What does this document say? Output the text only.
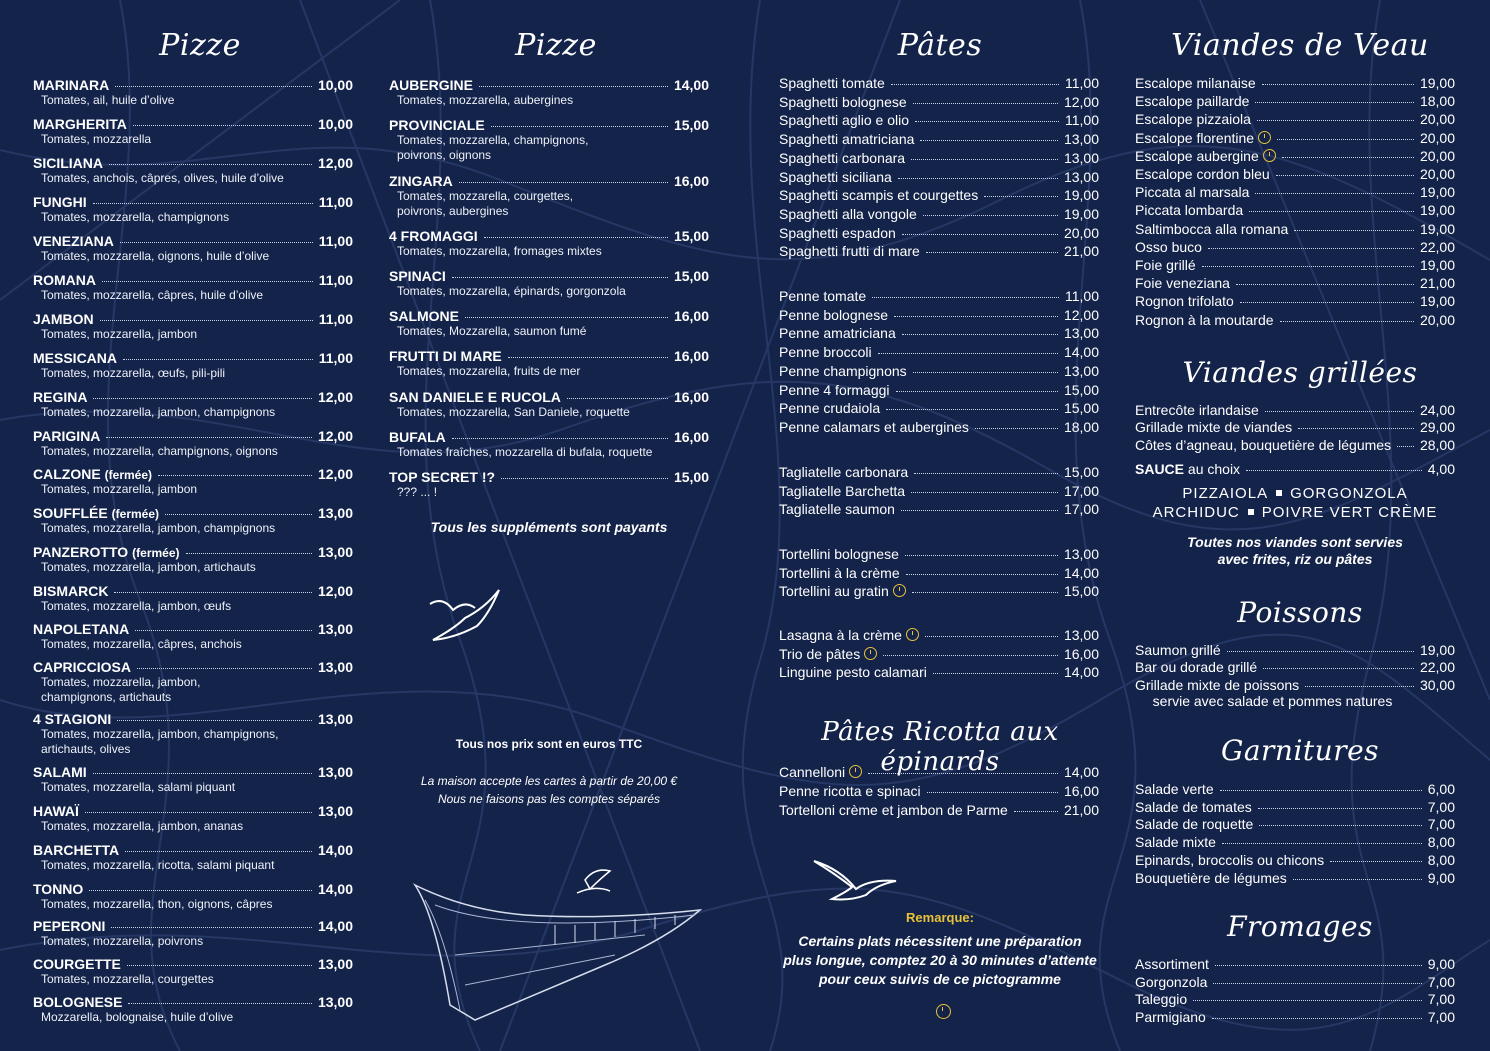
Pizze
MARINARA	10,00
Tomates, ail, huile d’olive
MARGHERITA	10,00
Tomates, mozzarella
SICILIANA	12,00
Tomates, anchois, câpres, olives, huile d’olive
FUNGHI	11,00
Tomates, mozzarella, champignons
VENEZIANA	11,00
Tomates, mozzarella, oignons, huile d’olive
ROMANA	11,00
Tomates, mozzarella, câpres, huile d’olive
JAMBON	11,00
Tomates, mozzarella, jambon
MESSICANA	11,00
Tomates, mozzarella, œufs, pili-pili
REGINA	12,00
Tomates, mozzarella, jambon, champignons
PARIGINA	12,00
Tomates, mozzarella, champignons, oignons
CALZONE (fermée)	12,00
Tomates, mozzarella, jambon
SOUFFLÉE (fermée)	13,00
Tomates, mozzarella, jambon, champignons
PANZEROTTO (fermée)	13,00
Tomates, mozzarella, jambon, artichauts
BISMARCK	12,00
Tomates, mozzarella, jambon, œufs
NAPOLETANA	13,00
Tomates, mozzarella, câpres, anchois
CAPRICCIOSA	13,00
Tomates, mozzarella, jambon,
champignons, artichauts
4 STAGIONI	13,00
Tomates, mozzarella, jambon, champignons,
artichauts, olives
SALAMI	13,00
Tomates, mozzarella, salami piquant
HAWAÏ	13,00
Tomates, mozzarella, jambon, ananas
BARCHETTA	14,00
Tomates, mozzarella, ricotta, salami piquant
TONNO	14,00
Tomates, mozzarella, thon, oignons, câpres
PEPERONI	14,00
Tomates, mozzarella, poivrons
COURGETTE	13,00
Tomates, mozzarella, courgettes
BOLOGNESE	13,00
Mozzarella, bolognaise, huile d’olive
Pizze
AUBERGINE	14,00
Tomates, mozzarella, aubergines
PROVINCIALE	15,00
Tomates, mozzarella, champignons,
poivrons, oignons
ZINGARA	16,00
Tomates, mozzarella, courgettes,
poivrons, aubergines
4 FROMAGGI	15,00
Tomates, mozzarella, fromages mixtes
SPINACI	15,00
Tomates, mozzarella, épinards, gorgonzola
SALMONE	16,00
Tomates, Mozzarella, saumon fumé
FRUTTI DI MARE	16,00
Tomates, mozzarella, fruits de mer
SAN DANIELE E RUCOLA	16,00
Tomates, mozzarella, San Daniele, roquette
BUFALA	16,00
Tomates fraîches, mozzarella di bufala, roquette
TOP SECRET !?	15,00
??? ... !
Tous les suppléments sont payants
Tous nos prix sont en euros TTC
La maison accepte les cartes à partir de 20,00 €
Nous ne faisons pas les comptes séparés
Pâtes
Spaghetti tomate	11,00
Spaghetti bolognese	12,00
Spaghetti aglio e olio	11,00
Spaghetti amatriciana	13,00
Spaghetti carbonara	13,00
Spaghetti siciliana	13,00
Spaghetti scampis et courgettes	19,00
Spaghetti alla vongole	19,00
Spaghetti espadon	20,00
Spaghetti frutti di mare	21,00
Penne tomate	11,00
Penne bolognese	12,00
Penne amatriciana	13,00
Penne broccoli	14,00
Penne champignons	13,00
Penne 4 formaggi	15,00
Penne crudaiola	15,00
Penne calamars et aubergines	18,00
Tagliatelle carbonara	15,00
Tagliatelle Barchetta	17,00
Tagliatelle saumon	17,00
Tortellini bolognese	13,00
Tortellini à la crème	14,00
Tortellini au gratin	15,00
Lasagna à la crème	13,00
Trio de pâtes	16,00
Linguine pesto calamari	14,00
Pâtes Ricotta aux épinards
Cannelloni	14,00
Penne ricotta e spinaci	16,00
Tortelloni crème et jambon de Parme	21,00
Remarque:
Certains plats nécessitent une préparation
plus longue, comptez 20 à 30 minutes d’attente
pour ceux suivis de ce pictogramme
Viandes de Veau
Escalope milanaise	19,00
Escalope paillarde	18,00
Escalope pizzaiola	20,00
Escalope florentine	20,00
Escalope aubergine	20,00
Escalope cordon bleu	20,00
Piccata al marsala	19,00
Piccata lombarda	19,00
Saltimbocca alla romana	19,00
Osso buco	22,00
Foie grillé	19,00
Foie veneziana	21,00
Rognon trifolato	19,00
Rognon à la moutarde	20,00
Viandes grillées
Entrecôte irlandaise	24,00
Grillade mixte de viandes	29,00
Côtes d’agneau, bouquetière de légumes 28,00
SAUCE au choix	4,00
PIZZAIOLA GORGONZOLA
ARCHIDUC POIVRE VERT CRÈME
Toutes nos viandes sont servies
avec frites, riz ou pâtes
Poissons
Saumon grillé	19,00
Bar ou dorade grillé	22,00
Grillade mixte de poissons	30,00
servie avec salade et pommes natures
Garnitures
Salade verte	6,00
Salade de tomates	7,00
Salade de roquette	7,00
Salade mixte	8,00
Epinards, broccolis ou chicons	8,00
Bouquetière de légumes	9,00
Fromages
Assortiment	9,00
Gorgonzola	7,00
Taleggio	7,00
Parmigiano	7,00
